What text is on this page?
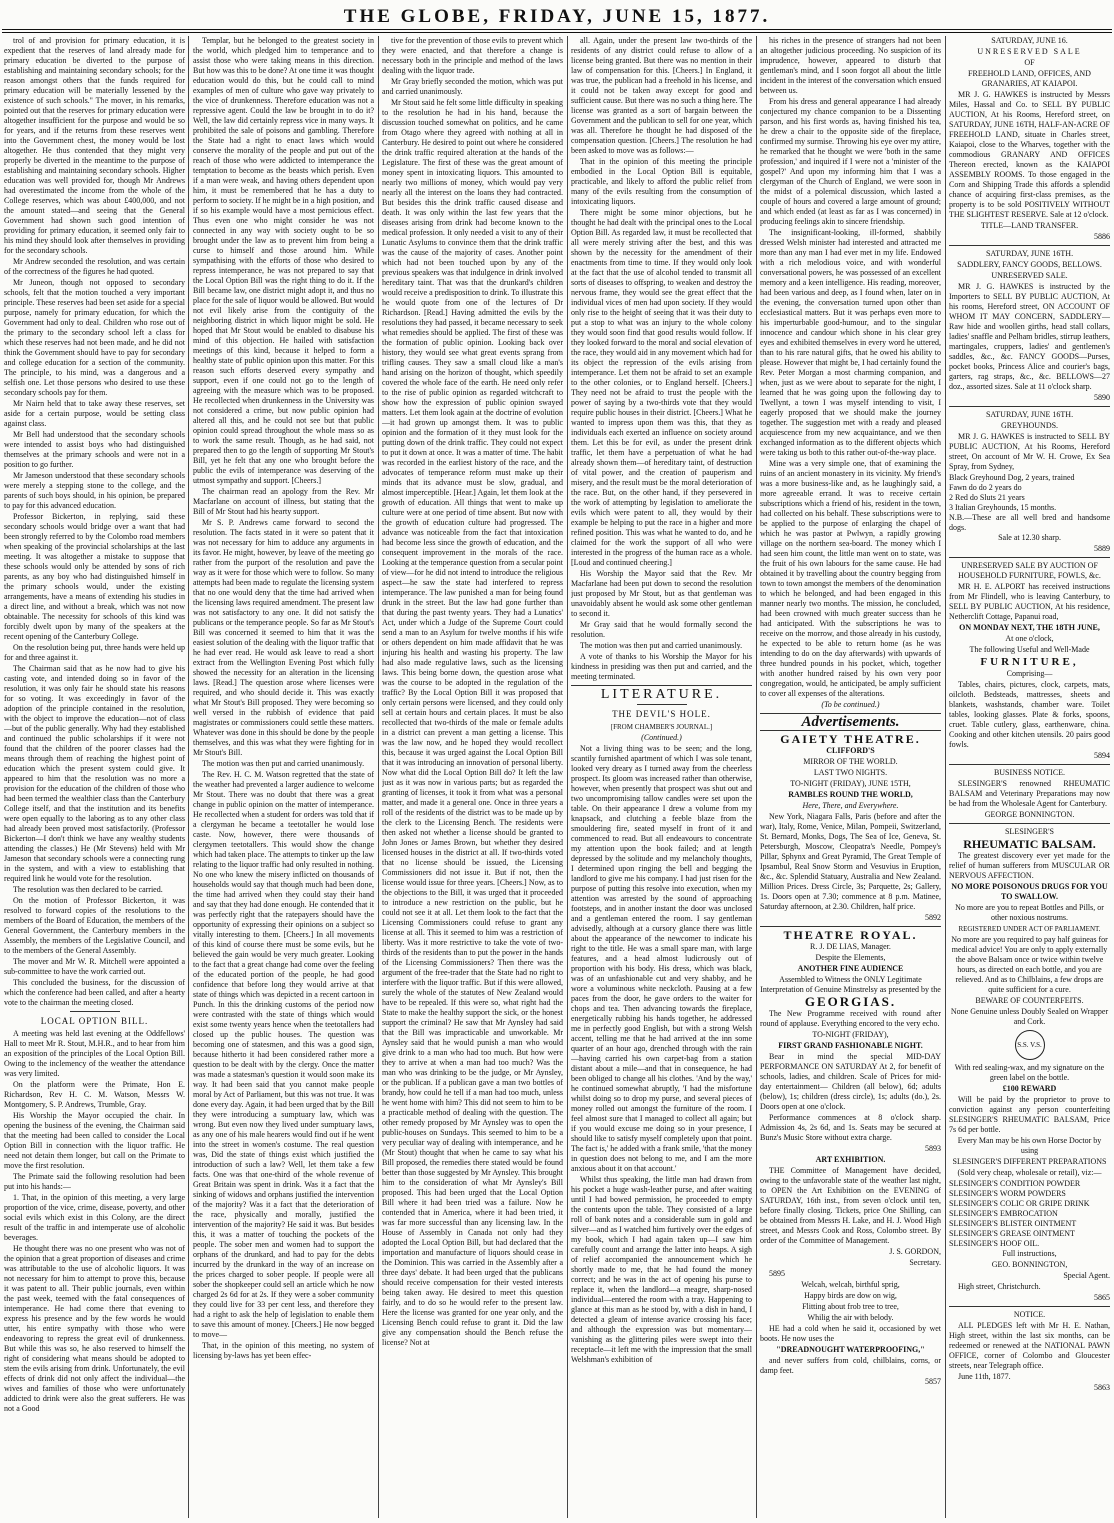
THE GLOBE, FRIDAY, JUNE 15, 1877.

trol of and provision for primary education, it is expedient that the reserves of land already made for primary education be diverted to the purpose of establishing and maintaining secondary schools; for the reason amongst others that the funds required for primary education will be materially lessened by the existence of such schools." The mover, in his remarks, pointed out that the reserves for primary education were altogether insufficient for the purpose and would be so for years, and if the returns from these reserves went into the Government chest, the money would be lost altogether. He thus contended that they might very properly be diverted in the meantime to the purpose of establishing and maintaining secondary schools. Higher education was well provided for, though Mr Andrews had overestimated the income from the whole of the College reserves, which was about £400,000, and not the amount stated—and seeing that the General Government had shown such good intention of providing for primary education, it seemed only fair to his mind they should look after themselves in providing for the secondary schools.

Mr Andrew seconded the resolution, and was certain of the correctness of the figures he had quoted.

Mr Juneon, though not opposed to secondary schools, felt that the motion touched a very important principle. These reserves had been set aside for a special purpose, namely for primary education, for which the Government had only to deal. Children who rose out of the primary to the secondary school left a class for which these reserves had not been made, and he did not think the Government should have to pay for secondary and college education for a section of the community. The principle, to his mind, was a dangerous and a selfish one. Let those persons who desired to use these secondary schools pay for them.

Mr Nairn held that to take away these reserves, set aside for a certain purpose, would be setting class against class.

Mr Bell had understood that the secondary schools were intended to assist boys who had distinguished themselves at the primary schools and were not in a position to go further.

Mr Jameson understood that these secondary schools were merely a stepping stone to the college, and the parents of such boys should, in his opinion, be prepared to pay for this advanced education.

Professor Bickerton, in replying, said these secondary schools would bridge over a want that had been strongly referred to by the Colombo road members when speaking of the provincial scholarships at the last meeting. It was altogether a mistake to suppose that these schools would only be attended by sons of rich parents, as any boy who had distinguished himself in the primary schools would, under the existing arrangements, have a means of extending his studies in a direct line, and without a break, which was not now obtainable. The necessity for schools of this kind was forcibly dwelt upon by many of the speakers at the recent opening of the Canterbury College.

On the resolution being put, three hands were held up for and three against it.

The Chairman said that as he now had to give his casting vote, and intended doing so in favor of the resolution, it was only fair he should state his reasons for so voting. It was exceedingly in favor of the adoption of the principle contained in the resolution, with the object to improve the education—not of class—but of the public generally. Why had they established and continued the public scholarships if it were not found that the children of the poorer classes had the means through them of reaching the highest point of education which the present system could give. It appeared to him that the resolution was no more a provision for the education of the children of those who had been termed the wealthier class than the Canterbury College itself, and that the institution and its benefits were open equally to the laboring as to any other class had already been proved most satisfactorily. (Professor Bickerton—I don't think we have any wealthy students attending the classes.) He (Mr Stevens) held with Mr Jameson that secondary schools were a connecting rung in the system, and with a view to establishing that required link he would vote for the resolution.

The resolution was then declared to be carried.

On the motion of Professor Bickerton, it was resolved to forward copies of the resolutions to the members of the Board of Education, the members of the General Government, the Canterbury members in the Assembly, the members of the Legislative Council, and to the members of the General Assembly.

The mover and Mr W. R. Mitchell were appointed a sub-committee to have the work carried out.

This concluded the business, for the discussion of which the conference had been called, and after a hearty vote to the chairman the meeting closed.

LOCAL OPTION BILL.

A meeting was held last evening at the Oddfellows' Hall to meet Mr R. Stout, M.H.R., and to hear from him an exposition of the principles of the Local Option Bill. Owing to the inclemency of the weather the attendance was very limited.

On the platform were the Primate, Hon E. Richardson, Rev H. C. M. Watson, Messrs W. Montgomery, S. P. Andrews, Trumble, Gray.

His Worship the Mayor occupied the chair. In opening the business of the evening, the Chairman said that the meeting had been called to consider the Local Option Bill in connection with the liquor traffic. He need not detain them longer, but call on the Primate to move the first resolution.

The Primate said the following resolution had been put into his hands:—

1. That, in the opinion of this meeting, a very large proportion of the vice, crime, disease, poverty, and other social evils which exist in this Colony, are the direct result of the traffic in and intemperate use of alcoholic beverages.

He thought there was no one present who was not of the opinion that a great proportion of diseases and crime was attributable to the use of alcoholic liquors. It was not necessary for him to attempt to prove this, because it was patent to all. Their public journals, even within the past week, teemed with the fatal consequences of intemperance. He had come there that evening to express his presence and by the few words he would utter, his entire sympathy with those who were endeavoring to repress the great evil of drunkenness. But while this was so, he also reserved to himself the right of considering what means should be adopted to stem the evils arising from drink. Unfortunately, the evil effects of drink did not only affect the individual—the wives and families of those who were unfortunately addicted to drink were also the great sufferers. He was not a Good

Templar, but he belonged to the greatest society in the world, which pledged him to temperance and to assist those who were taking means in this direction. But how was this to be done? At one time it was thought education would do this, but he could call to mind examples of men of culture who gave way privately to the vice of drunkenness. Therefore education was not a repressive agent. Could the law be brought in to do it? Well, the law did certainly repress vice in many ways. It prohibited the sale of poisons and gambling. Therefore the State had a right to enact laws which would conserve the morality of the people and put out of the reach of those who were addicted to intemperance the temptation to become as the beasts which perish. Even if a man were weak, and having others dependent upon him, it must be remembered that he has a duty to perform to society. If he might be in a high position, and if so his example would have a most pernicious effect. Thus even one who might consider he was not connected in any way with society ought to be so brought under the law as to prevent him from being a curse to himself and those around him. While sympathising with the efforts of those who desired to repress intemperance, he was not prepared to say that the Local Option Bill was the right thing to do it. If the Bill became law, one district might adopt it, and thus no place for the sale of liquor would be allowed. But would not evil likely arise from the contiguity of the neighboring district in which liquor might be sold. He hoped that Mr Stout would be enabled to disabuse his mind of this objection. He hailed with satisfaction meetings of this kind, because it helped to form a healthy state of public opinion upon this matter. For this reason such efforts deserved every sympathy and support, even if one could not go to the length of agreeing with the measure which was to be proposed. He recollected when drunkenness in the University was not considered a crime, but now public opinion had altered all this, and he could not see but that public opinion could spread throughout the whole mass so as to work the same result. Though, as he had said, not prepared then to go the length of supporting Mr Stout's Bill, yet he felt that any one who brought before the public the evils of intemperance was deserving of the utmost sympathy and support. [Cheers.]

The chairman read an apology from the Rev. Mr Macfarlane on account of illness, but stating that the Bill of Mr Stout had his hearty support.

Mr S. P. Andrews came forward to second the resolution. The facts stated in it were so patent that it was not necessary for him to adduce any arguments in its favor. He might, however, by leave of the meeting go rather from the purport of the resolution and pave the way as it were for those which were to follow. So many attempts had been made to regulate the licensing system that no one would deny that the time had arrived when the licensing laws required amendment. The present law was not satisfactory to any one. It did not satisfy the publicans or the temperance people. So far as Mr Stout's Bill was concerned it seemed to him that it was the easiest solution of the dealing with the liquor traffic that he had ever read. He would ask leave to read a short extract from the Wellington Evening Post which fully showed the necessity for an alteration in the licensing laws. [Read.] The question arose where licenses were required, and who should decide it. This was exactly what Mr Stout's Bill proposed. They were becoming so well versed in the rubbish of evidence that paid magistrates or commissioners could settle these matters. Whatever was done in this should be done by the people themselves, and this was what they were fighting for in Mr Stout's Bill.

The motion was then put and carried unanimously.

The Rev. H. C. M. Watson regretted that the state of the weather had prevented a larger audience to welcome Mr Stout. There was no doubt that there was a great change in public opinion on the matter of intemperance. He recollected when a student for orders was told that if a clergyman he became a teetotaller he would lose caste. Now, however, there were thousands of clergymen teetotallers. This would show the change which had taken place. The attempts to tinker up the law relating to the liquor traffic had only resulted in nothing. No one who knew the misery inflicted on thousands of households would say that though much had been done, the time had arrived when they could stay their hand and say that they had done enough. He contended that it was perfectly right that the ratepayers should have the opportunity of expressing their opinions on a subject so vitally interesting to them. [Cheers.] In all movements of this kind of course there must be some evils, but he believed the gain would be very much greater. Looking to the fact that a great change had come over the feeling of the educated portion of the people, he had good confidence that before long they would arrive at that state of things which was depicted in a recent cartoon in Punch. In this the drinking customs of the period now were contrasted with the state of things which would exist some twenty years hence when the teetotallers had closed up the public houses. The question was becoming one of statesmen, and this was a good sign, because hitherto it had been considered rather more a question to be dealt with by the clergy. Once the matter was made a statesman's question it would soon make its way. It had been said that you cannot make people moral by Act of Parliament, but this was not true. It was done every day. Again, it had been urged that by the Bill they were introducing a sumptuary law, which was wrong. But even now they lived under sumptuary laws, as any one of his male hearers would find out if he went into the street in women's costume. The real question was, Did the state of things exist which justified the introduction of such a law? Well, let them take a few facts. One was that one-third of the whole revenue of Great Britain was spent in drink. Was it a fact that the sinking of widows and orphans justified the intervention of the majority? Was it a fact that the deterioration of the race, physically and morally, justified the intervention of the majority? He said it was. But besides this, it was a matter of touching the pockets of the people. The sober men and women had to support the orphans of the drunkard, and had to pay for the debts incurred by the drunkard in the way of an increase on the prices charged to sober people. If people were all sober the shopkeeper could sell an article which he now charged 2s 6d for at 2s. If they were a sober community they could live for 33 per cent less, and therefore they had a right to ask the help of legislation to enable them to save this amount of money. [Cheers.] He now begged to move—

That, in the opinion of this meeting, no system of licensing by-laws has yet been effec-

tive for the prevention of those evils to prevent which they were enacted, and that therefore a change is necessary both in the principle and method of the laws dealing with the liquor trade.

Mr Gray briefly seconded the motion, which was put and carried unanimously.

Mr Stout said he felt some little difficulty in speaking to the resolution he had in his hand, because the discussion touched somewhat on politics, and he came from Otago where they agreed with nothing at all in Canterbury. He desired to point out where he considered the drink traffic required alteration at the hands of the Legislature. The first of these was the great amount of money spent in intoxicating liquors. This amounted to nearly two millions of money, which would pay very nearly all the interest on the loans they had contracted. But besides this the drink traffic caused disease and death. It was only within the last few years that the diseases arising from drink had become known to the medical profession. It only needed a visit to any of their Lunatic Asylums to convince them that the drink traffic was the cause of the majority of cases. Another point which had not been touched upon by any of the previous speakers was that indulgence in drink involved hereditary taint. That was that the drunkard's children would receive a predisposition to drink. To illustrate this he would quote from one of the lectures of Dr Richardson. [Read.] Having admitted the evils by the resolutions they had passed, it became necessary to seek what remedies should be applied. The first of these was the formation of public opinion. Looking back over history, they would see what great events sprang from trifling causes. They saw a small cloud like a man's hand arising on the horizon of thought, which speedily covered the whole face of the earth. He need only refer to the rise of public opinion as regarded witchcraft to show how the expression of public opinion swayed matters. Let them look again at the doctrine of evolution—it had grown up amongst them. It was to public opinion and the formation of it they must look for the putting down of the drink traffic. They could not expect to put it down at once. It was a matter of time. The habit was recorded in the earliest history of the race, and the advocates of temperance reform must make up their minds that its advance must be slow, gradual, and almost imperceptible. [Hear.] Again, let them look at the growth of education. All things that went to make up culture were at one period of time absent. But now with the growth of education culture had progressed. The advance was noticeable from the fact that intoxication had become less since the growth of education, and the consequent improvement in the morals of the race. Looking at the temperance question from a secular point of view—for he did not intend to introduce the religious aspect—he saw the state had interfered to repress intemperance. The law punished a man for being found drunk in the street. But the law had gone further than that during the past twenty years. They had a Lunatics' Act, under which a Judge of the Supreme Court could send a man to an Asylum for twelve months if his wife or others dependent on him made affidavit that he was injuring his health and wasting his property. The law had also made regulative laws, such as the licensing laws. This being borne down, the question arose what was the course to be adopted in the regulation of the traffic? By the Local Option Bill it was proposed that only certain persons were licensed, and they could only sell at certain hours and certain places. It must be also recollected that two-thirds of the male or female adults in a district can prevent a man getting a license. This was the law now, and he hoped they would recollect this, because it was urged against the Local Option Bill that it was introducing an innovation of personal liberty. Now what did the Local Option Bill do? It left the law just as it was now in various parts; but as regarded the granting of licenses, it took it from what was a personal matter, and made it a general one. Once in three years a roll of the residents of the district was to be made up by the clerk to the Licensing Bench. The residents were then asked not whether a license should be granted to John Jones or James Brown, but whether they desired licensed houses in the district at all. If two-thirds voted that no license should be issued, the Licensing Commissioners did not issue it. But if not, then the license would issue for three years. [Cheers.] Now, as to the objections to the Bill, it was urged that it proceeded to introduce a new restriction on the public, but he could not see it at all. Let them look to the fact that the Licensing Commissioners could refuse to grant any license at all. This it seemed to him was a restriction of liberty. Was it more restrictive to take the vote of two-thirds of the residents than to put the power in the hands of the Licensing Commissioners? Then there was the argument of the free-trader that the State had no right to interfere with the liquor traffic. But if this were allowed, surely the whole of the statutes of New Zealand would have to be repealed. If this were so, what right had the State to make the healthy support the sick, or the honest support the criminal? He saw that Mr Aynsley had said that the Bill was impracticable and unworkable. Mr Aynsley said that he would punish a man who would give drink to a man who had too much. But how were they to arrive at when a man had too much? Was the man who was drinking to be the judge, or Mr Aynsley, or the publican. If a publican gave a man two bottles of brandy, how could he tell if a man had too much, unless he went home with him? This did not seem to him to be a practicable method of dealing with the question. The other remedy proposed by Mr Aynsley was to open the public-houses on Sundays. This seemed to him to be a very peculiar way of dealing with intemperance, and he (Mr Stout) thought that when he came to say what his Bill proposed, the remedies there stated would be found better than those suggested by Mr Aynsley. This brought him to the consideration of what Mr Aynsley's Bill proposed. This had been urged that the Local Option Bill where it had been tried was a failure. Now he contended that in America, where it had been tried, it was far more successful than any licensing law. In the House of Assembly in Canada not only had they adopted the Local Option Bill, but had declared that the importation and manufacture of liquors should cease in the Dominion. This was carried in the Assembly after a three days' debate. It had been urged that the publicans should receive compensation for their vested interests being taken away. He desired to meet this question fairly, and to do so he would refer to the present law. Here the license was granted for one year only, and the Licensing Bench could refuse to grant it. Did the law give any compensation should the Bench refuse the license? Not at

all. Again, under the present law two-thirds of the residents of any district could refuse to allow of a license being granted. But there was no mention in their law of compensation for this. [Cheers.] In England, it was true, the publican had a freehold in his license, and it could not be taken away except for good and sufficient cause. But there was no such a thing here. The license was granted as a sort of bargain between the Government and the publican to sell for one year, which was all. Therefore he thought he had disposed of the compensation question. [Cheers.] The resolution he had been asked to move was as follows:—

That in the opinion of this meeting the principle embodied in the Local Option Bill is equitable, practicable, and likely to afford the public relief from many of the evils resulting from the consumption of intoxicating liquors.

There might be some minor objections, but he thought he had dealt with the principal ones to the Local Option Bill. As regarded law, it must be recollected that all were merely striving after the best, and this was shown by the necessity for the amendment of their enactments from time to time. If they would only look at the fact that the use of alcohol tended to transmit all sorts of diseases to offspring, to weaken and destroy the nervous frame, they would see the great effect that the individual vices of men had upon society. If they would only rise to the height of seeing that it was their duty to put a stop to what was an injury to the whole colony they would soon find that good results would follow. If they looked forward to the moral and social elevation of the race, they would aid in any movement which had for its object the repression of the evils arising from intemperance. Let them not be afraid to set an example to the other colonies, or to England herself. [Cheers.] They need not be afraid to trust the people with the power of saying by a two-thirds vote that they would require public houses in their district. [Cheers.] What he wanted to impress upon them was this, that they as individuals each exerted an influence on society around them. Let this be for evil, as under the present drink traffic, let them have a perpetuation of what he had already shown them—of hereditary taint, of destruction of vital power, and the creation of pauperism and misery, and the result must be the moral deterioration of the race. But, on the other hand, if they persevered in the work of attempting by legislation to ameliorate the evils which were patent to all, they would by their example be helping to put the race in a higher and more refined position. This was what he wanted to do, and he claimed for the work the support of all who were interested in the progress of the human race as a whole. [Loud and continued cheering.]

His Worship the Mayor said that the Rev. Mr Macfarlane had been put down to second the resolution just proposed by Mr Stout, but as that gentleman was unavoidably absent he would ask some other gentleman to second it.

Mr Gray said that he would formally second the resolution.

The motion was then put and carried unanimously.

A vote of thanks to his Worship the Mayor for his kindness in presiding was then put and carried, and the meeting terminated.

LITERATURE.
THE DEVIL'S HOLE.

[FROM CHAMBER'S JOURNAL.]

(Continued.)

Not a living thing was to be seen; and the long, scantily furnished apartment of which I was sole tenant, looked very dreary as I turned away from the cheerless prospect. Its gloom was increased rather than otherwise, however, when presently that prospect was shut out and two uncompromising tallow candles were set upon the table. On their appearance I drew a volume from my knapsack, and clutching a feeble blaze from the smouldering fire, seated myself in front of it and commenced to read. But all endeavours to concentrate my attention upon the book failed; and at length depressed by the solitude and my melancholy thoughts, I determined upon ringing the bell and begging the landlord to give me his company. I had just risen for the purpose of putting this resolve into execution, when my attention was arrested by the sound of approaching footsteps, and in another instant the door was unclosed and a gentleman entered the room. I say gentleman advisedly, although at a cursory glance there was little about the appearance of the newcomer to indicate his right to the title. He was a small spare man, with large features, and a head almost ludicrously out of proportion with his body. His dress, which was black, was of an unfashionable cut and very shabby, and he wore a voluminous white neckcloth. Pausing at a few paces from the door, he gave orders to the waiter for chops and tea. Then advancing towards the fireplace, energetically rubbing his hands together, he addressed me in perfectly good English, but with a strong Welsh accent, telling me that he had arrived at the inn some quarter of an hour ago, drenched through with the rain—having carried his own carpet-bag from a station distant about a mile—and that in consequence, he had been obliged to change all his clothes. 'And by the way,' he continued somewhat abruptly, 'I had the misfortune whilst doing so to drop my purse, and several pieces of money rolled out amongst the furniture of the room. I feel almost sure that I managed to collect all again; but if you would excuse me doing so in your presence, I should like to satisfy myself completely upon that point. The fact is,' he added with a frank smile, 'that the money in question does not belong to me, and I am the more anxious about it on that account.'

Whilst thus speaking, the little man had drawn from his pocket a huge wash-leather purse, and after waiting until I had bowed permission, he proceeded to empty the contents upon the table. They consisted of a large roll of bank notes and a considerable sum in gold and silver—and as I watched him furtively over the edges of my book, which I had again taken up—I saw him carefully count and arrange the latter into heaps. A sigh of relief accompanied the announcement which he shortly made to me, that he had found the money correct; and he was in the act of opening his purse to replace it, when the landlord—a meagre, sharp-nosed individual—entered the room with a tray. Happening to glance at this man as he stood by, with a dish in hand, I detected a gleam of intense avarice crossing his face; and although the expression was but momentary—vanishing as the glittering piles were swept into their receptacle—it left me with the impression that the small Welshman's exhibition of

his riches in the presence of strangers had not been an altogether judicious proceeding. No suspicion of its imprudence, however, appeared to disturb that gentleman's mind, and I soon forgot all about the little incident in the interest of the conversation which ensued between us.

From his dress and general appearance I had already conjectured my chance companion to be a Dissenting parson, and his first words as, having finished his tea, he drew a chair to the opposite side of the fireplace, confirmed my surmise. Throwing his eye over my attire, he remarked that he thought we were 'both in the same profession,' and inquired if I were not a 'minister of the gospel?' And upon my informing him that I was a clergyman of the Church of England, we were soon in the midst of a polemical discussion, which lasted a couple of hours and covered a large amount of ground; and which ended (at least as far as I was concerned) in producing feelings akin to sincere friendship.

The insignificant-looking, ill-formed, shabbily dressed Welsh minister had interested and attracted me more than any man I had ever met in my life. Endowed with a rich melodious voice, and with wonderful conversational powers, he was possessed of an excellent memory and a keen intelligence. His reading, moreover, had been various and deep, as I found when, later on in the evening, the conversation turned upon other than ecclesiastical matters. But it was perhaps even more to his imperturbable good-humour, and to the singular innocence and candour which shone in his clear grey eyes and exhibited themselves in every word he uttered, than to his rare natural gifts, that he owed his ability to please. However that might be, I had certainly found the Rev. Peter Morgan a most charming companion, and when, just as we were about to separate for the night, I learned that he was going upon the following day to Twellynt, a town I was myself intending to visit, I eagerly proposed that we should make the journey together. The suggestion met with a ready and pleased acquiescence from my new acquaintance, and we then exchanged information as to the different objects which were taking us both to this rather out-of-the-way place.

Mine was a very simple one, that of examining the ruins of an ancient monastery in its vicinity. My friend's was a more business-like and, as he laughingly said, a more agreeable errand. It was to receive certain subscriptions which a friend of his, resident in the town, had collected on his behalf. These subscriptions were to be applied to the purpose of enlarging the chapel of which he was pastor at Pwlwyn, a rapidly growing village on the northern sea-board. The money which I had seen him count, the little man went on to state, was the fruit of his own labours for the same cause. He had obtained it by travelling about the country begging from town to town amongst the members of the denomination to which he belonged, and had been engaged in this manner nearly two months. The mission, he concluded, had been crowned with much greater success than he had anticipated. With the subscriptions he was to receive on the morrow, and those already in his custody, he expected to be able to return home (as he was intending to do on the day afterwards) with upwards of three hundred pounds in his pocket, which, together with another hundred raised by his own very poor congregation, would, he anticipated, be amply sufficient to cover all expenses of the alterations.

(To be continued.)

Advertisements.
GAIETY THEATRE.

CLIFFORD'S

MIRROR OF THE WORLD.

LAST TWO NIGHTS.

TO-NIGHT (FRIDAY), JUNE 15TH,

RAMBLES ROUND THE WORLD,

Here, There, and Everywhere.

New York, Niagara Falls, Paris (before and after the war), Italy, Rome, Venice, Milan, Pompeii, Switzerland, St. Bernard, Monks, Dogs, The Sea of Ice, Geneva, St. Petersburgh, Moscow, Cleopatra's Needle, Pompey's Pillar, Sphynx and Great Pyramid, The Great Temple of Ipsambul, Real Snow Storm and Vesuvius in Eruption, &c., &c. Splendid Statuary, Australia and New Zealand. Million Prices. Dress Circle, 3s; Parquette, 2s; Gallery, 1s. Doors open at 7.30; commence at 8 p.m. Matinee, Saturday afternoon, at 2.30. Children, half price.

5892

THEATRE ROYAL.

R. J. DE LIAS, Manager.

Despite the Elements,

ANOTHER FINE AUDIENCE

Assembled to Witness the ONLY Legitimate Interpretation of Genuine Minstrelsy as presented by the

GEORGIAS.

The New Programme received with round after round of applause. Everything encored to the very echo.

TO-NIGHT (FRIDAY),

FIRST GRAND FASHIONABLE NIGHT.

Bear in mind the special MID-DAY PERFORMANCE ON SATURDAY At 2, for benefit of schools, ladies, and children. Scale of Prices for mid-day entertainment— Children (all below), 6d; adults (below), 1s; children (dress circle), 1s; adults (do.), 2s. Doors open at one o'clock.

Performance commences at 8 o'clock sharp. Admission 4s, 2s 6d, and 1s. Seats may be secured at Bunz's Music Store without extra charge.

5893

ART EXHIBITION.

THE Committee of Management have decided, owing to the unfavorable state of the weather last night, to OPEN the Art Exhibition on the EVENING of SATURDAY, 16th inst., from seven o'clock until ten, before finally closing. Tickets, price One Shilling, can be obtained from Messrs H. Lake, and H. J. Wood High street, and Messrs Cook and Ross, Colombo street. By order of the Committee of Management.

J. S. GORDON,

Secretary.

5895

Welcah, welcah, birthful sprig,

Happy birds are dow on wig,

Flitting about frob tree to tree,

Whilig the air with belody.

HE had a cold when he said it, occasioned by wet boots. He now uses the

"DREADNOUGHT WATERPROOFING,"

and never suffers from cold, chilblains, corns, or damp feet.

5857

SATURDAY, JUNE 16.

UNRESERVED SALE

OF

FREEHOLD LAND, OFFICES, AND GRANARIES, AT KAIAPOI.

MR J. G. HAWKES is instructed by Messrs Miles, Hassal and Co. to SELL BY PUBLIC AUCTION, At his Rooms, Hereford street, on SATURDAY, JUNE 16TH, HALF-AN-ACRE OF FREEHOLD LAND, situate in Charles street, Kaiapoi, close to the Wharves, together with the commodious GRANARY AND OFFICES Thereon erected, known as the KAIAPOI ASSEMBLY ROOMS. To those engaged in the Corn and Shipping Trade this affords a splendid chance of acquiring first-class premises, as the property is to be sold POSITIVELY WITHOUT THE SLIGHTEST RESERVE. Sale at 12 o'clock.

TITLE—LAND TRANSFER.

5886

SATURDAY, JUNE 16TH.

SADDLERY, FANCY GOODS, BELLOWS.

UNRESERVED SALE.

MR J. G. HAWKES is instructed by the Importers to SELL BY PUBLIC AUCTION, At his rooms, Hereford street, ON ACCOUNT OF WHOM IT MAY CONCERN, SADDLERY—Raw hide and woollen girths, head stall collars, ladies' snaffle and Pelham bridles, stirrup leathers, martingales, cruppers, ladies' and gentlemen's saddles, &c., &c. FANCY GOODS—Purses, pocket books, Princess Alice and courier's bags, garters, rag straps, &c., &c. BELLOWS—27 doz., assorted sizes. Sale at 11 o'clock sharp.

5890

SATURDAY, JUNE 16TH.

GREYHOUNDS.

MR J. G. HAWKES is instructed to SELL BY PUBLIC AUCTION, At his Rooms, Hereford street, On account of Mr W. H. Crowe, Ex Sea Spray, from Sydney,

Black Greyhound Dog, 2 years, trained

Fawn do do 2 years do

2 Red do Sluts 21 years

3 Italian Greyhounds, 15 months.

N.B.—These are all well bred and handsome dogs.

Sale at 12.30 sharp.

5889

UNRESERVED SALE BY AUCTION OF HOUSEHOLD FURNITURE, FOWLS, &c.

MR H. E. ALPORT has received instructions from Mr Flindell, who is leaving Canterbury, to SELL BY PUBLIC AUCTION, At his residence, Netherclift Cottage, Papanui road,

ON MONDAY NEXT, THE 18TH JUNE,

At one o'clock,

The following Useful and Well-Made

FURNITURE,

Comprising—

Tables, chairs, pictures, clock, carpets, mats, oilcloth. Bedsteads, mattresses, sheets and blankets, washstands, chamber ware. Toilet tables, looking glasses. Plate & forks, spoons, cruet. Table cutlery, glass, earthenware, china. Cooking and other kitchen utensils. 20 pairs good fowls.

5894

BUSINESS NOTICE.

SLESINGER'S renowned RHEUMATIC BALSAM and Veterinary Preparations may now be had from the Wholesale Agent for Canterbury.

GEORGE BONNINGTON.

SLESINGER'S

RHEUMATIC BALSAM.

The greatest discovery ever yet made for the relief of human sufferers from MUSCULAR OR NERVOUS AFFECTION.

NO MORE POISONOUS DRUGS FOR YOU TO SWALLOW.

No more are you to repeat Bottles and Pills, or other noxious nostrums.

REGISTERED UNDER ACT OF PARLIAMENT.

No more are you required to pay half guineas for medical advice! You are only to apply externally the above Balsam once or twice within twelve hours, as directed on each bottle, and you are relieved. And as to Chilblains, a few drops are quite sufficient for a cure.

BEWARE OF COUNTERFEITS.

None Genuine unless Doubly Sealed on Wrapper and Cork.

S.S. V.S.

With red sealing-wax, and my signature on the green label on the bottle.

£100 REWARD

Will be paid by the proprietor to prove to conviction against any person counterfeiting SLESINGER'S RHEUMATIC BALSAM, Price 7s 6d per bottle.

Every Man may be his own Horse Doctor by using

SLESINGER'S DIFFERENT PREPARATIONS

(Sold very cheap, wholesale or retail), viz:—

SLESINGER'S CONDITION POWDER

SLESINGER'S WORM POWDERS

SLESINGER'S COLIC OR GRIPE DRINK

SLESINGER'S EMBROCATION

SLESINGER'S BLISTER OINTMENT

SLESINGER'S GREASE OINTMENT

SLESINGER'S HOOF OIL.

Full instructions,

GEO. BONNINGTON,

Special Agent.

High street, Christchurch.

5865

NOTICE.

ALL PLEDGES left with Mr H. E. Nathan, High street, within the last six months, can be redeemed or renewed at the NATIONAL PAWN OFFICE, corner of Colombo and Gloucester streets, near Telegraph office.

June 11th, 1877.

5863
